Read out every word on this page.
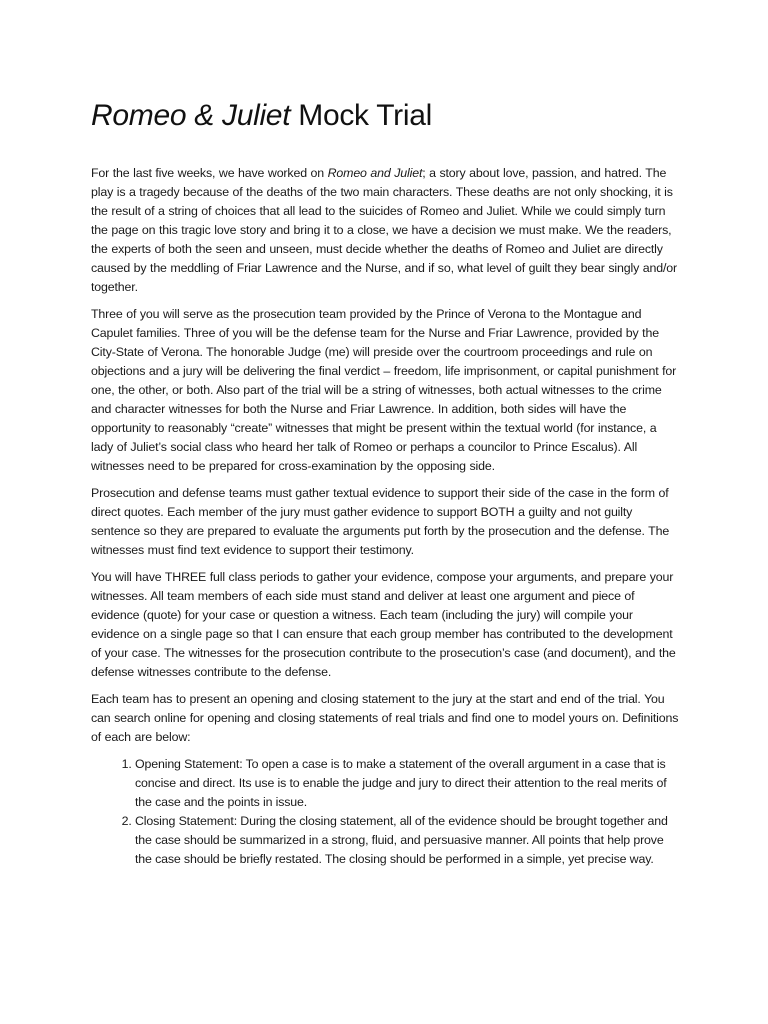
Romeo & Juliet Mock Trial

For the last five weeks, we have worked on Romeo and Juliet; a story about love, passion, and hatred. The play is a tragedy because of the deaths of the two main characters. These deaths are not only shocking, it is the result of a string of choices that all lead to the suicides of Romeo and Juliet. While we could simply turn the page on this tragic love story and bring it to a close, we have a decision we must make. We the readers, the experts of both the seen and unseen, must decide whether the deaths of Romeo and Juliet are directly caused by the meddling of Friar Lawrence and the Nurse, and if so, what level of guilt they bear singly and/or together.

Three of you will serve as the prosecution team provided by the Prince of Verona to the Montague and Capulet families. Three of you will be the defense team for the Nurse and Friar Lawrence, provided by the City-State of Verona. The honorable Judge (me) will preside over the courtroom proceedings and rule on objections and a jury will be delivering the final verdict – freedom, life imprisonment, or capital punishment for one, the other, or both. Also part of the trial will be a string of witnesses, both actual witnesses to the crime and character witnesses for both the Nurse and Friar Lawrence. In addition, both sides will have the opportunity to reasonably “create” witnesses that might be present within the textual world (for instance, a lady of Juliet’s social class who heard her talk of Romeo or perhaps a councilor to Prince Escalus). All witnesses need to be prepared for cross-examination by the opposing side.

Prosecution and defense teams must gather textual evidence to support their side of the case in the form of direct quotes. Each member of the jury must gather evidence to support BOTH a guilty and not guilty sentence so they are prepared to evaluate the arguments put forth by the prosecution and the defense. The witnesses must find text evidence to support their testimony.

You will have THREE full class periods to gather your evidence, compose your arguments, and prepare your witnesses. All team members of each side must stand and deliver at least one argument and piece of evidence (quote) for your case or question a witness. Each team (including the jury) will compile your evidence on a single page so that I can ensure that each group member has contributed to the development of your case. The witnesses for the prosecution contribute to the prosecution’s case (and document), and the defense witnesses contribute to the defense.

Each team has to present an opening and closing statement to the jury at the start and end of the trial. You can search online for opening and closing statements of real trials and find one to model yours on. Definitions of each are below:

1. Opening Statement: To open a case is to make a statement of the overall argument in a case that is concise and direct. Its use is to enable the judge and jury to direct their attention to the real merits of the case and the points in issue.
2. Closing Statement: During the closing statement, all of the evidence should be brought together and the case should be summarized in a strong, fluid, and persuasive manner. All points that help prove the case should be briefly restated. The closing should be performed in a simple, yet precise way.
